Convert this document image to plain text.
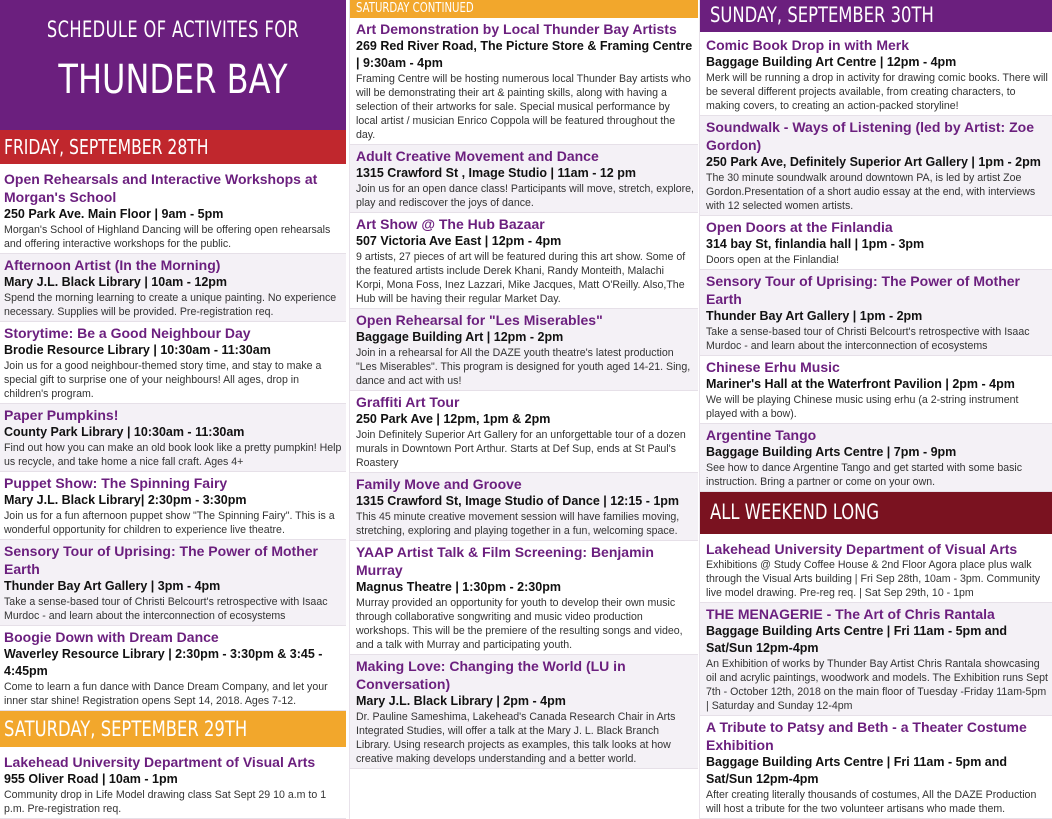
SCHEDULE OF ACTIVITES FOR
THUNDER BAY
FRIDAY, SEPTEMBER 28TH
Open Rehearsals and Interactive Workshops at Morgan's School
250 Park Ave. Main Floor | 9am - 5pm
Morgan's School of Highland Dancing will be offering open rehearsals and offering interactive workshops for the public.
Afternoon Artist (In the Morning)
Mary J.L. Black Library | 10am - 12pm
Spend the morning learning to create a unique painting. No experience necessary. Supplies will be provided. Pre-registration req.
Storytime: Be a Good Neighbour Day
Brodie Resource Library | 10:30am - 11:30am
Join us for a good neighbour-themed story time, and stay to make a special gift to surprise one of your neighbours! All ages, drop in children's program.
Paper Pumpkins!
County Park Library | 10:30am - 11:30am
Find out how you can make an old book look like a pretty pumpkin! Help us recycle, and take home a nice fall craft. Ages 4+
Puppet Show: The Spinning Fairy
Mary J.L. Black Library| 2:30pm - 3:30pm
Join us for a fun afternoon puppet show "The Spinning Fairy". This is a wonderful opportunity for children to experience live theatre.
Sensory Tour of Uprising: The Power of Mother Earth
Thunder Bay Art Gallery | 3pm - 4pm
Take a sense-based tour of Christi Belcourt's retrospective with Isaac Murdoc - and learn about the interconnection of ecosystems
Boogie Down with Dream Dance
Waverley Resource Library | 2:30pm - 3:30pm & 3:45 - 4:45pm
Come to learn a fun dance with Dance Dream Company, and let your inner star shine! Registration opens Sept 14, 2018. Ages 7-12.
SATURDAY, SEPTEMBER 29TH
Lakehead University Department of Visual Arts
955 Oliver Road | 10am - 1pm
Community drop in Life Model drawing class Sat Sept 29 10 a.m to 1 p.m. Pre-registration req.
SATURDAY CONTINUED
Art Demonstration by Local Thunder Bay Artists
269 Red River Road, The Picture Store & Framing Centre | 9:30am - 4pm
Framing Centre will be hosting numerous local Thunder Bay artists who will be demonstrating their art & painting skills, along with having a selection of their artworks for sale. Special musical performance by local artist / musician Enrico Coppola will be featured throughout the day.
Adult Creative Movement and Dance
1315 Crawford St , Image Studio | 11am - 12 pm
Join us for an open dance class! Participants will move, stretch, explore, play and rediscover the joys of dance.
Art Show @ The Hub Bazaar
507 Victoria Ave East | 12pm - 4pm
9 artists, 27 pieces of art will be featured during this art show. Some of the featured artists include Derek Khani, Randy Monteith, Malachi Korpi, Mona Foss, Inez Lazzari, Mike Jacques, Matt O'Reilly. Also,The Hub will be having their regular Market Day.
Open Rehearsal for "Les Miserables"
Baggage Building Art | 12pm - 2pm
Join in a rehearsal for All the DAZE youth theatre's latest production "Les Miserables". This program is designed for youth aged 14-21. Sing, dance and act with us!
Graffiti Art Tour
250 Park Ave | 12pm, 1pm & 2pm
Join Definitely Superior Art Gallery for an unforgettable tour of a dozen murals in Downtown Port Arthur. Starts at Def Sup, ends at St Paul's Roastery
Family Move and Groove
1315 Crawford St, Image Studio of Dance | 12:15 - 1pm
This 45 minute creative movement session will have families moving, stretching, exploring and playing together in a fun, welcoming space.
YAAP Artist Talk & Film Screening: Benjamin Murray
Magnus Theatre | 1:30pm - 2:30pm
Murray provided an opportunity for youth to develop their own music through collaborative songwriting and music video production workshops. This will be the premiere of the resulting songs and video, and a talk with Murray and participating youth.
Making Love: Changing the World (LU in Conversation)
Mary J.L. Black Library | 2pm - 4pm
Dr. Pauline Sameshima, Lakehead's Canada Research Chair in Arts Integrated Studies, will offer a talk at the Mary J. L. Black Branch Library. Using research projects as examples, this talk looks at how creative making develops understanding and a better world.
SUNDAY, SEPTEMBER 30TH
Comic Book Drop in with Merk
Baggage Building Art Centre | 12pm - 4pm
Merk will be running a drop in activity for drawing comic books. There will be several different projects available, from creating characters, to making covers, to creating an action-packed storyline!
Soundwalk - Ways of Listening (led by Artist: Zoe Gordon)
250 Park Ave, Definitely Superior Art Gallery | 1pm - 2pm
The 30 minute soundwalk around downtown PA, is led by artist Zoe Gordon.Presentation of a short audio essay at the end, with interviews with 12 selected women artists.
Open Doors at the Finlandia
314 bay St, finlandia hall | 1pm - 3pm
Doors open at the Finlandia!
Sensory Tour of Uprising: The Power of Mother Earth
Thunder Bay Art Gallery | 1pm - 2pm
Take a sense-based tour of Christi Belcourt's retrospective with Isaac Murdoc - and learn about the interconnection of ecosystems
Chinese Erhu Music
Mariner's Hall at the Waterfront Pavilion | 2pm - 4pm
We will be playing Chinese music using erhu (a 2-string instrument played with a bow).
Argentine Tango
Baggage Building Arts Centre | 7pm - 9pm
See how to dance Argentine Tango and get started with some basic instruction. Bring a partner or come on your own.
ALL WEEKEND LONG
Lakehead University Department of Visual Arts
Exhibitions @ Study Coffee House & 2nd Floor Agora place plus walk through the Visual Arts building | Fri Sep 28th, 10am - 3pm. Community live model drawing. Pre-reg req. | Sat Sep 29th, 10 - 1pm
THE MENAGERIE - The Art of Chris Rantala
Baggage Building Arts Centre | Fri 11am - 5pm and Sat/Sun 12pm-4pm
An Exhibition of works by Thunder Bay Artist Chris Rantala showcasing oil and acrylic paintings, woodwork and models. The Exhibition runs Sept 7th - October 12th, 2018 on the main floor of Tuesday -Friday 11am-5pm | Saturday and Sunday 12-4pm
A Tribute to Patsy and Beth - a Theater Costume Exhibition
Baggage Building Arts Centre | Fri 11am - 5pm and Sat/Sun 12pm-4pm
After creating literally thousands of costumes, All the DAZE Production will host a tribute for the two volunteer artisans who made them.
